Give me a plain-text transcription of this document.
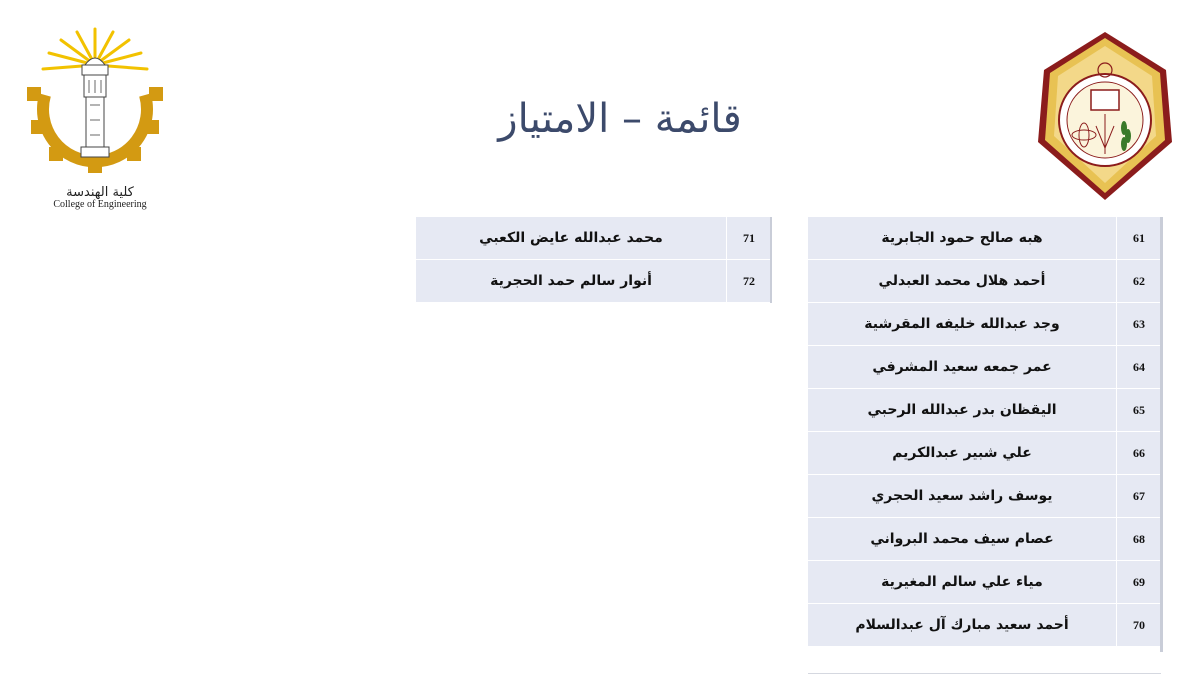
كلية الهندسة
College of Engineering
قائمة – الامتياز
61	هبه صالح حمود الجابرية
62	أحمد هلال محمد العبدلي
63	وجد عبدالله خليفه المقرشية
64	عمر جمعه سعيد المشرفي
65	اليقظان بدر عبدالله الرحبي
66	علي شبير عبدالكريم
67	يوسف راشد سعيد الحجري
68	عصام سيف محمد البرواني
69	مياء علي سالم المغيرية
70	أحمد سعيد مبارك آل عبدالسلام
71	محمد عبدالله عايض الكعبي
72	أنوار سالم حمد الحجرية
